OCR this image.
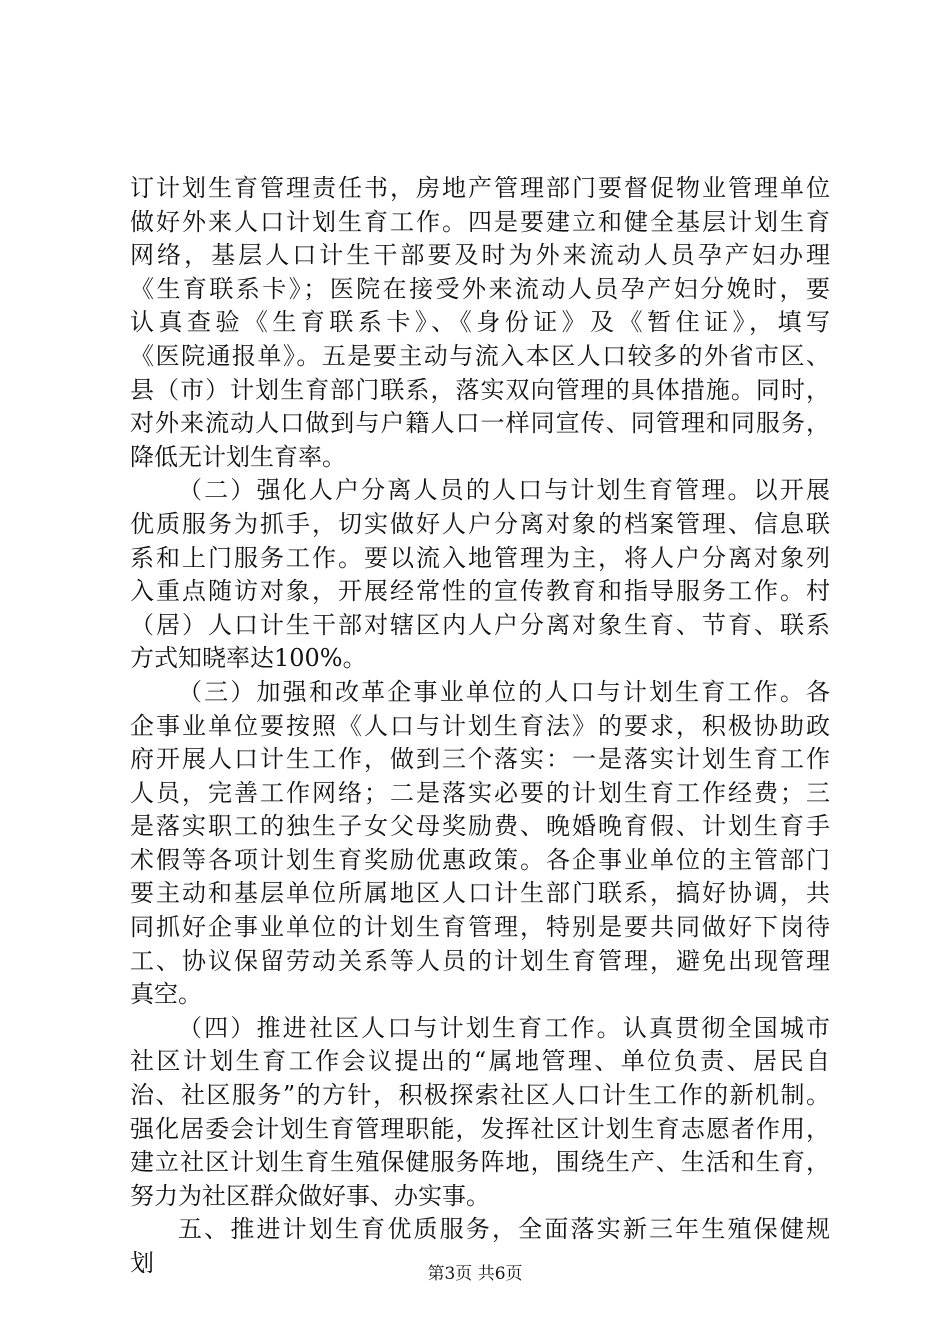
订计划生育管理责任书，房地产管理部门要督促物业管理单位
做好外来人口计划生育工作。四是要建立和健全基层计划生育
网络，基层人口计生干部要及时为外来流动人员孕产妇办理
《生育联系卡》；医院在接受外来流动人员孕产妇分娩时，要
认真查验《生育联系卡》、《身份证》及《暂住证》，填写
《医院通报单》。五是要主动与流入本区人口较多的外省市区、
县（市）计划生育部门联系，落实双向管理的具体措施。同时，
对外来流动人口做到与户籍人口一样同宣传、同管理和同服务，
降低无计划生育率。
（二）强化人户分离人员的人口与计划生育管理。以开展
优质服务为抓手，切实做好人户分离对象的档案管理、信息联
系和上门服务工作。要以流入地管理为主，将人户分离对象列
入重点随访对象，开展经常性的宣传教育和指导服务工作。村
（居）人口计生干部对辖区内人户分离对象生育、节育、联系
方式知晓率达100%。
（三）加强和改革企事业单位的人口与计划生育工作。各
企事业单位要按照《人口与计划生育法》的要求，积极协助政
府开展人口计生工作，做到三个落实：一是落实计划生育工作
人员，完善工作网络；二是落实必要的计划生育工作经费；三
是落实职工的独生子女父母奖励费、晚婚晚育假、计划生育手
术假等各项计划生育奖励优惠政策。各企事业单位的主管部门
要主动和基层单位所属地区人口计生部门联系，搞好协调，共
同抓好企事业单位的计划生育管理，特别是要共同做好下岗待
工、协议保留劳动关系等人员的计划生育管理，避免出现管理
真空。
（四）推进社区人口与计划生育工作。认真贯彻全国城市
社区计划生育工作会议提出的“属地管理、单位负责、居民自
治、社区服务”的方针，积极探索社区人口计生工作的新机制。
强化居委会计划生育管理职能，发挥社区计划生育志愿者作用，
建立社区计划生育生殖保健服务阵地，围绕生产、生活和生育，
努力为社区群众做好事、办实事。
五、推进计划生育优质服务，全面落实新三年生殖保健规
划	第3页 共6页
